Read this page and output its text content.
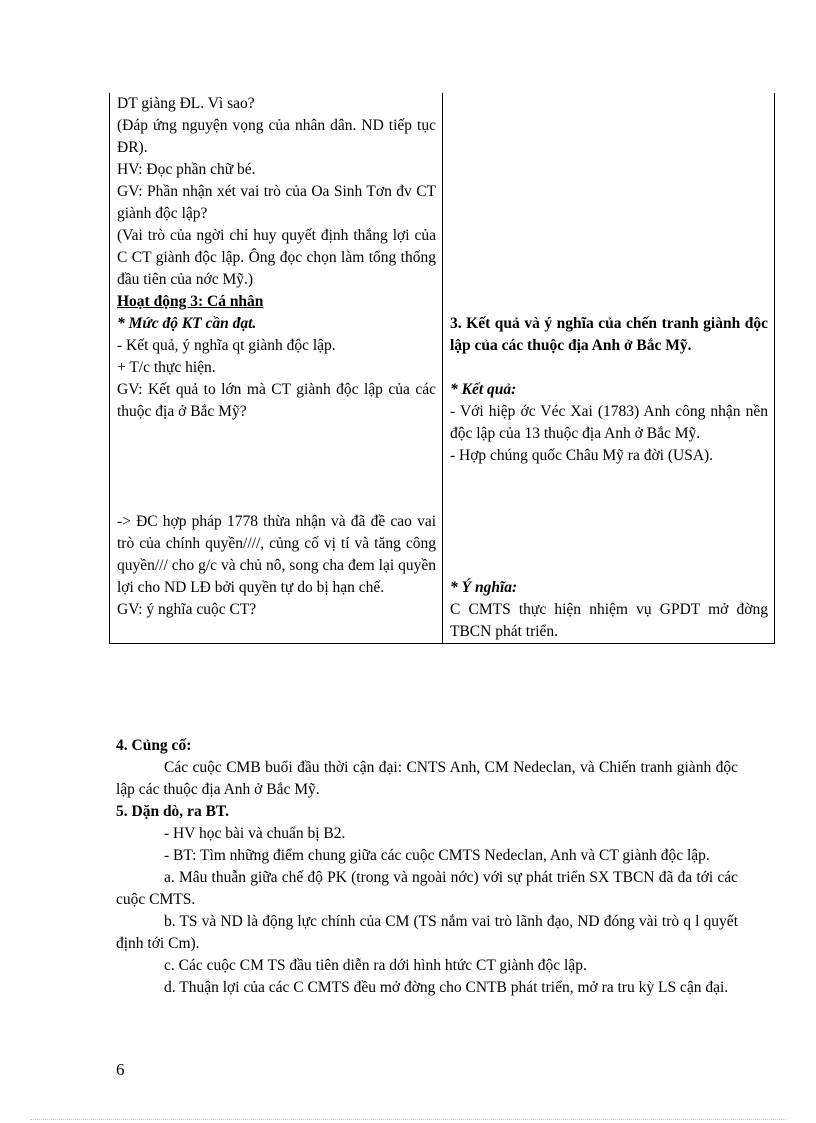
DT giàng ĐL. Vì sao?
(Đáp ứng nguyện vọng của nhân dân. ND tiếp tục ĐR).
HV: Đọc phần chữ bé.
GV: Phần nhận xét vai trò của Oa Sinh Tơn đv CT giành độc lập?
(Vai trò của ngời chỉ huy quyết định thắng lợi của C CT giành độc lập. Ông đọc chọn làm tổng thống đầu tiên của nớc Mỹ.)
Hoạt động 3: Cá nhân
* Mức độ KT cần đạt.
- Kết quả, ý nghĩa qt giành độc lập.
+ T/c thực hiện.
GV: Kết quả to lớn mà CT giành độc lập của các thuộc địa ở Bắc Mỹ?
-> ĐC hợp pháp 1778 thừa nhận và đã đề cao vai trò của chính quyền////, củng cố vị tí và tăng công quyền/// cho g/c và chủ nô, song cha đem lại quyền lợi cho ND LĐ bởi quyền tự do bị hạn chế.
GV: ý nghĩa cuộc CT?

3. Kết quả và ý nghĩa của chến tranh giành độc lập của các thuộc địa Anh ở Bắc Mỹ.
* Kết quả:
- Với hiệp ớc Véc Xai (1783) Anh công nhận nền độc lập của 13 thuộc địa Anh ở Bắc Mỹ.
- Hợp chúng quốc Châu Mỹ ra đời (USA).
* Ý nghĩa:
C CMTS thực hiện nhiệm vụ GPDT mở đờng TBCN phát triển.
4. Củng cố:
Các cuộc CMB buổi đầu thời cận đại: CNTS Anh, CM Nedeclan, và Chiến tranh giành độc lập các thuộc địa Anh ở Bắc Mỹ.
5. Dặn dò, ra BT.
- HV học bài và chuẩn bị B2.
- BT: Tìm những điểm chung giữa các cuộc CMTS Nedeclan, Anh và CT giành độc lập.
a. Mâu thuẫn giữa chế độ PK (trong và ngoài nớc) với sự phát triển SX TBCN đã đa tới các cuộc CMTS.
b. TS và ND là động lực chính của CM (TS nắm vai trò lãnh đạo, ND đóng vài trò q l quyết định tới Cm).
c. Các cuộc CM TS đầu tiên diễn ra dới hình htức CT giành độc lập.
d. Thuận lợi của các C CMTS đều mở đờng cho CNTB phát triển, mở ra tru kỳ LS cận đại.
6
